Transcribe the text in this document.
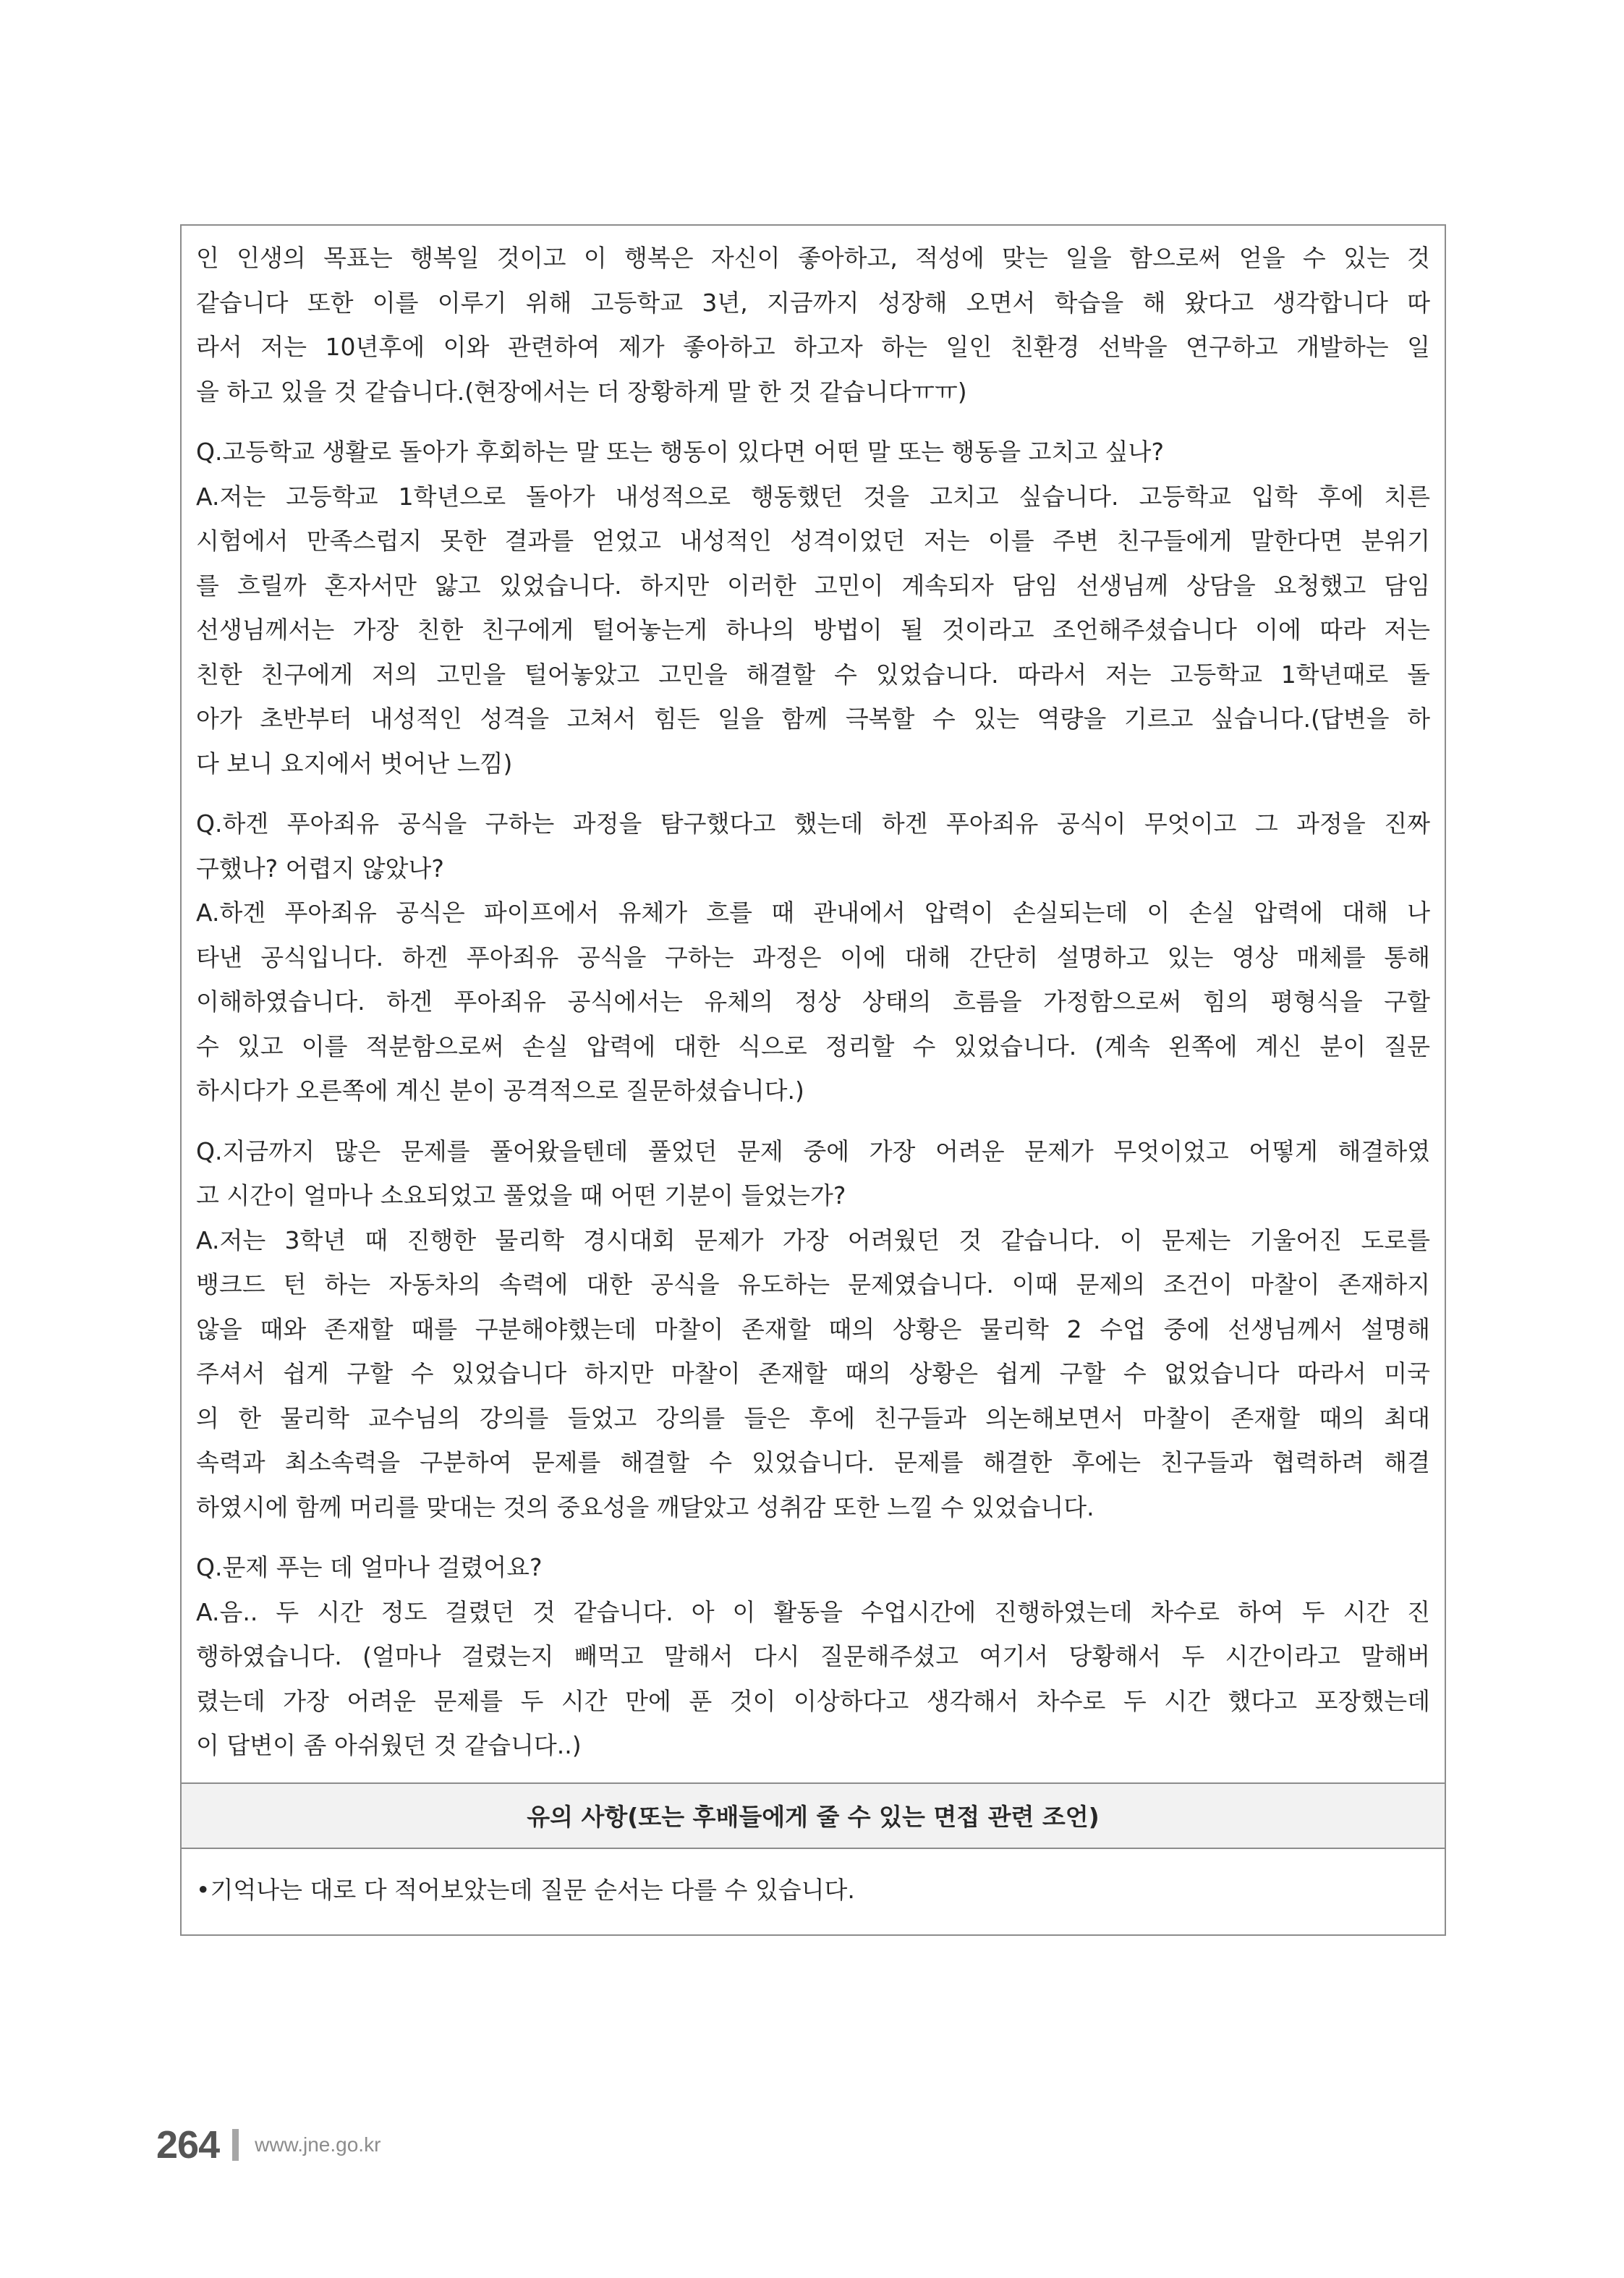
인 인생의 목표는 행복일 것이고 이 행복은 자신이 좋아하고, 적성에 맞는 일을 함으로써 얻을 수 있는 것
같습니다 또한 이를 이루기 위해 고등학교 3년, 지금까지 성장해 오면서 학습을 해 왔다고 생각합니다 따
라서 저는 10년후에 이와 관련하여 제가 좋아하고 하고자 하는 일인 친환경 선박을 연구하고 개발하는 일
을 하고 있을 것 같습니다.(현장에서는 더 장황하게 말 한 것 같습니다ㅠㅠ)
Q.고등학교 생활로 돌아가 후회하는 말 또는 행동이 있다면 어떤 말 또는 행동을 고치고 싶나?
A.저는 고등학교 1학년으로 돌아가 내성적으로 행동했던 것을 고치고 싶습니다. 고등학교 입학 후에 치른
시험에서 만족스럽지 못한 결과를 얻었고 내성적인 성격이었던 저는 이를 주변 친구들에게 말한다면 분위기
를 흐릴까 혼자서만 앓고 있었습니다. 하지만 이러한 고민이 계속되자 담임 선생님께 상담을 요청했고 담임
선생님께서는 가장 친한 친구에게 털어놓는게 하나의 방법이 될 것이라고 조언해주셨습니다 이에 따라 저는
친한 친구에게 저의 고민을 털어놓았고 고민을 해결할 수 있었습니다. 따라서 저는 고등학교 1학년때로 돌
아가 초반부터 내성적인 성격을 고쳐서 힘든 일을 함께 극복할 수 있는 역량을 기르고 싶습니다.(답변을 하
다 보니 요지에서 벗어난 느낌)
Q.하겐 푸아죄유 공식을 구하는 과정을 탐구했다고 했는데 하겐 푸아죄유 공식이 무엇이고 그 과정을 진짜
구했나? 어렵지 않았나?
A.하겐 푸아죄유 공식은 파이프에서 유체가 흐를 때 관내에서 압력이 손실되는데 이 손실 압력에 대해 나
타낸 공식입니다. 하겐 푸아죄유 공식을 구하는 과정은 이에 대해 간단히 설명하고 있는 영상 매체를 통해
이해하였습니다. 하겐 푸아죄유 공식에서는 유체의 정상 상태의 흐름을 가정함으로써 힘의 평형식을 구할
수 있고 이를 적분함으로써 손실 압력에 대한 식으로 정리할 수 있었습니다. (계속 왼쪽에 계신 분이 질문
하시다가 오른쪽에 계신 분이 공격적으로 질문하셨습니다.)
Q.지금까지 많은 문제를 풀어왔을텐데 풀었던 문제 중에 가장 어려운 문제가 무엇이었고 어떻게 해결하였
고 시간이 얼마나 소요되었고 풀었을 때 어떤 기분이 들었는가?
A.저는 3학년 때 진행한 물리학 경시대회 문제가 가장 어려웠던 것 같습니다. 이 문제는 기울어진 도로를
뱅크드 턴 하는 자동차의 속력에 대한 공식을 유도하는 문제였습니다. 이때 문제의 조건이 마찰이 존재하지
않을 때와 존재할 때를 구분해야했는데 마찰이 존재할 때의 상황은 물리학 2 수업 중에 선생님께서 설명해
주셔서 쉽게 구할 수 있었습니다 하지만 마찰이 존재할 때의 상황은 쉽게 구할 수 없었습니다 따라서 미국
의 한 물리학 교수님의 강의를 들었고 강의를 들은 후에 친구들과 의논해보면서 마찰이 존재할 때의 최대
속력과 최소속력을 구분하여 문제를 해결할 수 있었습니다. 문제를 해결한 후에는 친구들과 협력하려 해결
하였시에 함께 머리를 맞대는 것의 중요성을 깨달았고 성취감 또한 느낄 수 있었습니다.
Q.문제 푸는 데 얼마나 걸렸어요?
A.음.. 두 시간 정도 걸렸던 것 같습니다. 아 이 활동을 수업시간에 진행하였는데 차수로 하여 두 시간 진
행하였습니다. (얼마나 걸렸는지 빼먹고 말해서 다시 질문해주셨고 여기서 당황해서 두 시간이라고 말해버
렸는데 가장 어려운 문제를 두 시간 만에 푼 것이 이상하다고 생각해서 차수로 두 시간 했다고 포장했는데
이 답변이 좀 아쉬웠던 것 같습니다..)
유의 사항(또는 후배들에게 줄 수 있는 면접 관련 조언)
•기억나는 대로 다 적어보았는데 질문 순서는 다를 수 있습니다.
264 www.jne.go.kr
